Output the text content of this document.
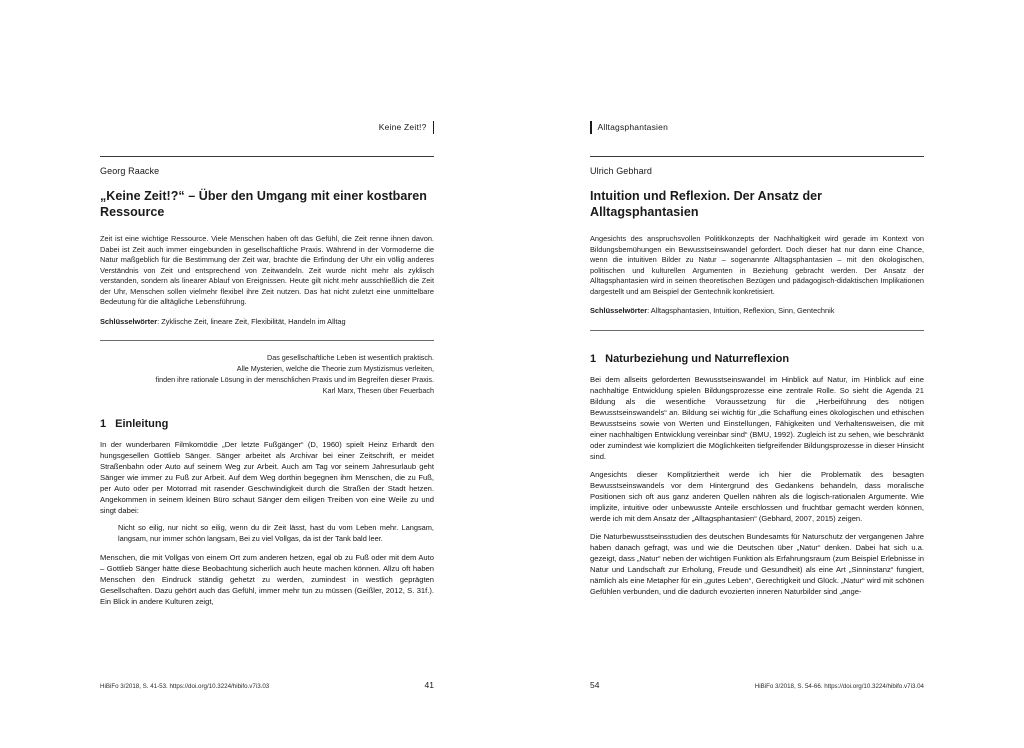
Keine Zeit!?
Georg Raacke
„Keine Zeit!?“ – Über den Umgang mit einer kostbaren Ressource
Zeit ist eine wichtige Ressource. Viele Menschen haben oft das Gefühl, die Zeit renne ihnen davon. Dabei ist Zeit auch immer eingebunden in gesellschaftliche Praxis. Während in der Vormoderne die Natur maßgeblich für die Bestimmung der Zeit war, brachte die Erfindung der Uhr ein völlig anderes Verständnis von Zeit und entsprechend von Zeitwandeln. Zeit wurde nicht mehr als zyklisch verstanden, sondern als linearer Ablauf von Ereignissen. Heute gilt nicht mehr ausschließlich die Zeit der Uhr, Menschen sollen vielmehr flexibel ihre Zeit nutzen. Das hat nicht zuletzt eine unmittelbare Bedeutung für die alltägliche Lebensführung.
Schlüsselwörter: Zyklische Zeit, lineare Zeit, Flexibilität, Handeln im Alltag
Das gesellschaftliche Leben ist wesentlich praktisch.
Alle Mysterien, welche die Theorie zum Mystizismus verleiten,
finden ihre rationale Lösung in der menschlichen Praxis und im Begreifen dieser Praxis.
Karl Marx, Thesen über Feuerbach
1 Einleitung

In der wunderbaren Filmkomödie „Der letzte Fußgänger“ (D, 1960) spielt Heinz Erhardt den hungsgesellen Gottlieb Sänger. Sänger arbeitet als Archivar bei einer Zeitschrift, er meidet Straßenbahn oder Auto auf seinem Weg zur Arbeit. Auch am Tag vor seinem Jahresurlaub geht Sänger wie immer zu Fuß zur Arbeit. Auf dem Weg dorthin begegnen ihm Menschen, die zu Fuß, per Auto oder per Motorrad mit rasender Geschwindigkeit durch die Straßen der Stadt hetzen. Angekommen in seinem kleinen Büro schaut Sänger dem eiligen Treiben von eine Weile zu und singt dabei:

Nicht so eilig, nur nicht so eilig, wenn du dir Zeit lässt, hast du vom Leben mehr. Langsam, langsam, nur immer schön langsam, Bei zu viel Vollgas, da ist der Tank bald leer.

Menschen, die mit Vollgas von einem Ort zum anderen hetzen, egal ob zu Fuß oder mit dem Auto – Gottlieb Sänger hätte diese Beobachtung sicherlich auch heute machen können. Allzu oft haben Menschen den Eindruck ständig gehetzt zu werden, zumindest in westlich geprägten Gesellschaften. Dazu gehört auch das Gefühl, immer mehr tun zu müssen (Geißler, 2012, S. 31f.). Ein Blick in andere Kulturen zeigt,

HiBiFo 3/2018, S. 41-53. https://doi.org/10.3224/hibifo.v7i3.03	41
Alltagsphantasien
Ulrich Gebhard
Intuition und Reflexion. Der Ansatz der Alltagsphantasien
Angesichts des anspruchsvollen Politikkonzepts der Nachhaltigkeit wird gerade im Kontext von Bildungsbemühungen ein Bewusstseinswandel gefordert. Doch dieser hat nur dann eine Chance, wenn die intuitiven Bilder zu Natur – sogenannte Alltagsphantasien – mit den ökologischen, politischen und kulturellen Argumenten in Beziehung gebracht werden. Der Ansatz der Alltagsphantasien wird in seinen theoretischen Bezügen und pädagogisch-didaktischen Implikationen dargestellt und am Beispiel der Gentechnik konkretisiert.
Schlüsselwörter: Alltagsphantasien, Intuition, Reflexion, Sinn, Gentechnik
1 Naturbeziehung und Naturreflexion

Bei dem allseits geforderten Bewusstseinswandel im Hinblick auf Natur, im Hinblick auf eine nachhaltige Entwicklung spielen Bildungsprozesse eine zentrale Rolle. So sieht die Agenda 21 Bildung als die wesentliche Voraussetzung für die „Herbeiführung des nötigen Bewusstseinswandels“ an. Bildung sei wichtig für „die Schaffung eines ökologischen und ethischen Bewusstseins sowie von Werten und Einstellungen, Fähigkeiten und Verhaltensweisen, die mit einer nachhaltigen Entwicklung vereinbar sind“ (BMU, 1992). Zugleich ist zu sehen, wie beschränkt oder zumindest wie kompliziert die Möglichkeiten tiefgreifender Bildungsprozesse in dieser Hinsicht sind.

Angesichts dieser Komplitziertheit werde ich hier die Problematik des besagten Bewusstseinswandels vor dem Hintergrund des Gedankens behandeln, dass moralische Positionen sich oft aus ganz anderen Quellen nähren als die logisch-rationalen Argumente. Wie implizite, intuitive oder unbewusste Anteile erschlossen und fruchtbar gemacht werden können, werde ich mit dem Ansatz der „Alltagsphantasien“ (Gebhard, 2007, 2015) zeigen.

Die Naturbewusstseinsstudien des deutschen Bundesamts für Naturschutz der vergangenen Jahre haben danach gefragt, was und wie die Deutschen über „Natur“ denken. Dabei hat sich u.a. gezeigt, dass „Natur“ neben der wichtigen Funktion als Erfahrungsraum (zum Beispiel Erlebnisse in Natur und Landschaft zur Erholung, Freude und Gesundheit) als eine Art „Sinninstanz“ fungiert, nämlich als eine Metapher für ein „gutes Leben“, Gerechtigkeit und Glück. „Natur“ wird mit schönen Gefühlen verbunden, und die dadurch evozierten inneren Naturbilder sind „ange-

54	HiBiFo 3/2018, S. 54-66. https://doi.org/10.3224/hibifo.v7i3.04
